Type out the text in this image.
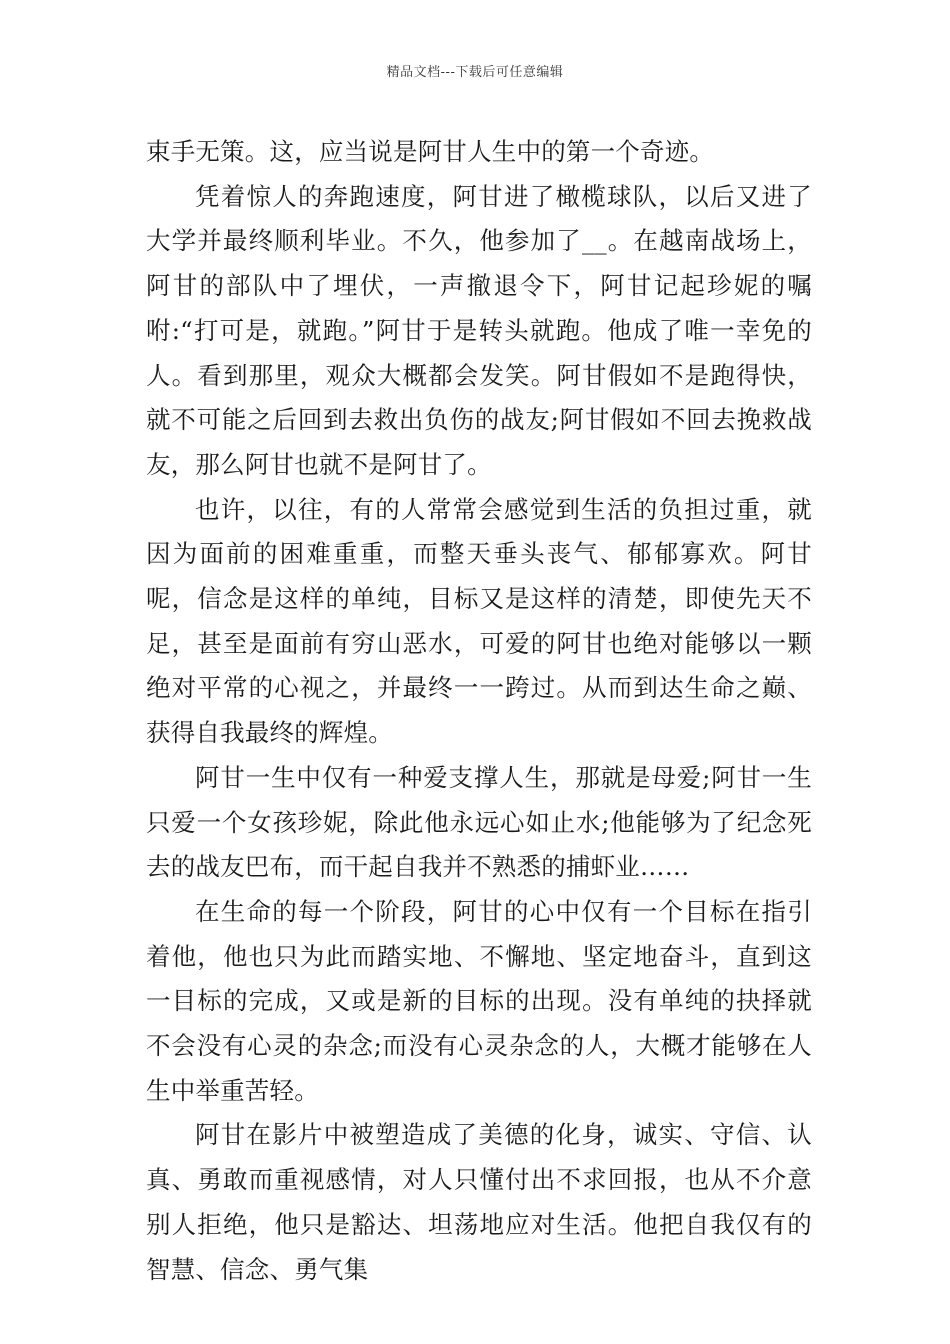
精品文档---下载后可任意编辑

束手无策。这，应当说是阿甘人生中的第一个奇迹。

凭着惊人的奔跑速度，阿甘进了橄榄球队，以后又进了大学并最终顺利毕业。不久，他参加了__。在越南战场上，阿甘的部队中了埋伏，一声撤退令下，阿甘记起珍妮的嘱咐:“打可是，就跑。”阿甘于是转头就跑。他成了唯一幸免的人。看到那里，观众大概都会发笑。阿甘假如不是跑得快，就不可能之后回到去救出负伤的战友;阿甘假如不回去挽救战友，那么阿甘也就不是阿甘了。

也许，以往，有的人常常会感觉到生活的负担过重，就因为面前的困难重重，而整天垂头丧气、郁郁寡欢。阿甘呢，信念是这样的单纯，目标又是这样的清楚，即使先天不足，甚至是面前有穷山恶水，可爱的阿甘也绝对能够以一颗绝对平常的心视之，并最终一一跨过。从而到达生命之巅、获得自我最终的辉煌。

阿甘一生中仅有一种爱支撑人生，那就是母爱;阿甘一生只爱一个女孩珍妮，除此他永远心如止水;他能够为了纪念死去的战友巴布，而干起自我并不熟悉的捕虾业……

在生命的每一个阶段，阿甘的心中仅有一个目标在指引着他，他也只为此而踏实地、不懈地、坚定地奋斗，直到这一目标的完成，又或是新的目标的出现。没有单纯的抉择就不会没有心灵的杂念;而没有心灵杂念的人，大概才能够在人生中举重苦轻。

阿甘在影片中被塑造成了美德的化身，诚实、守信、认真、勇敢而重视感情，对人只懂付出不求回报，也从不介意别人拒绝，他只是豁达、坦荡地应对生活。他把自我仅有的智慧、信念、勇气集
